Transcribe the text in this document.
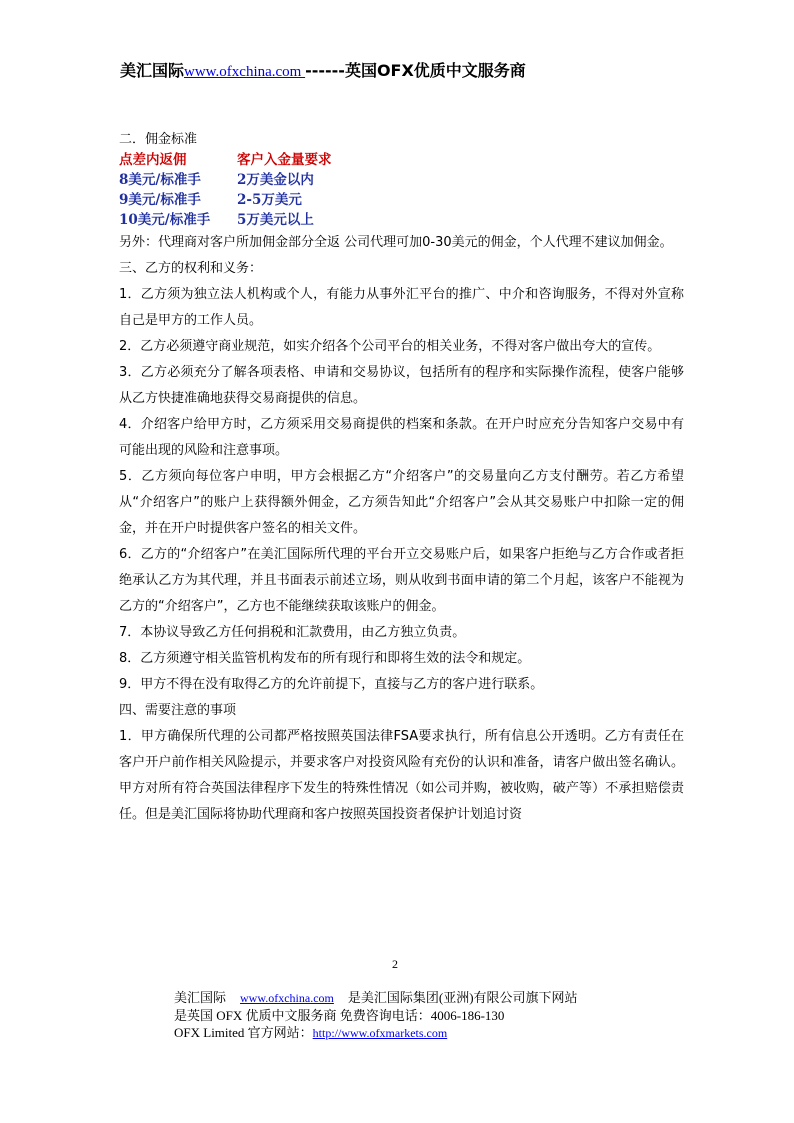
美汇国际www.ofxchina.com ------英国OFX优质中文服务商

二．佣金标准

点差内返佣	客户入金量要求
8美元/标准手	2万美金以内
9美元/标准手	2-5万美元
10美元/标准手	5万美元以上

另外：代理商对客户所加佣金部分全返 公司代理可加0-30美元的佣金，个人代理不建议加佣金。

三、乙方的权利和义务：

1．乙方须为独立法人机构或个人，有能力从事外汇平台的推广、中介和咨询服务，不得对外宣称自己是甲方的工作人员。

2．乙方必须遵守商业规范，如实介绍各个公司平台的相关业务，不得对客户做出夸大的宣传。

3．乙方必须充分了解各项表格、申请和交易协议，包括所有的程序和实际操作流程，使客户能够从乙方快捷准确地获得交易商提供的信息。

4．介绍客户给甲方时，乙方须采用交易商提供的档案和条款。在开户时应充分告知客户交易中有可能出现的风险和注意事项。

5．乙方须向每位客户申明，甲方会根据乙方“介绍客户”的交易量向乙方支付酬劳。若乙方希望从“介绍客户”的账户上获得额外佣金，乙方须告知此“介绍客户”会从其交易账户中扣除一定的佣金，并在开户时提供客户签名的相关文件。

6．乙方的“介绍客户”在美汇国际所代理的平台开立交易账户后，如果客户拒绝与乙方合作或者拒绝承认乙方为其代理，并且书面表示前述立场，则从收到书面申请的第二个月起，该客户不能视为乙方的“介绍客户”，乙方也不能继续获取该账户的佣金。

7．本协议导致乙方任何捐税和汇款费用，由乙方独立负责。

8．乙方须遵守相关监管机构发布的所有现行和即将生效的法令和规定。

9．甲方不得在没有取得乙方的允许前提下，直接与乙方的客户进行联系。

四、需要注意的事项

1．甲方确保所代理的公司都严格按照英国法律FSA要求执行，所有信息公开透明。乙方有责任在客户开户前作相关风险提示，并要求客户对投资风险有充份的认识和准备，请客户做出签名确认。甲方对所有符合英国法律程序下发生的特殊性情况（如公司并购，被收购，破产等）不承担赔偿责任。但是美汇国际将协助代理商和客户按照英国投资者保护计划追讨资

2
美汇国际 www.ofxchina.com 是美汇国际集团(亚洲)有限公司旗下网站
是英国 OFX 优质中文服务商 免费咨询电话：4006-186-130
OFX Limited 官方网站：http://www.ofxmarkets.com
